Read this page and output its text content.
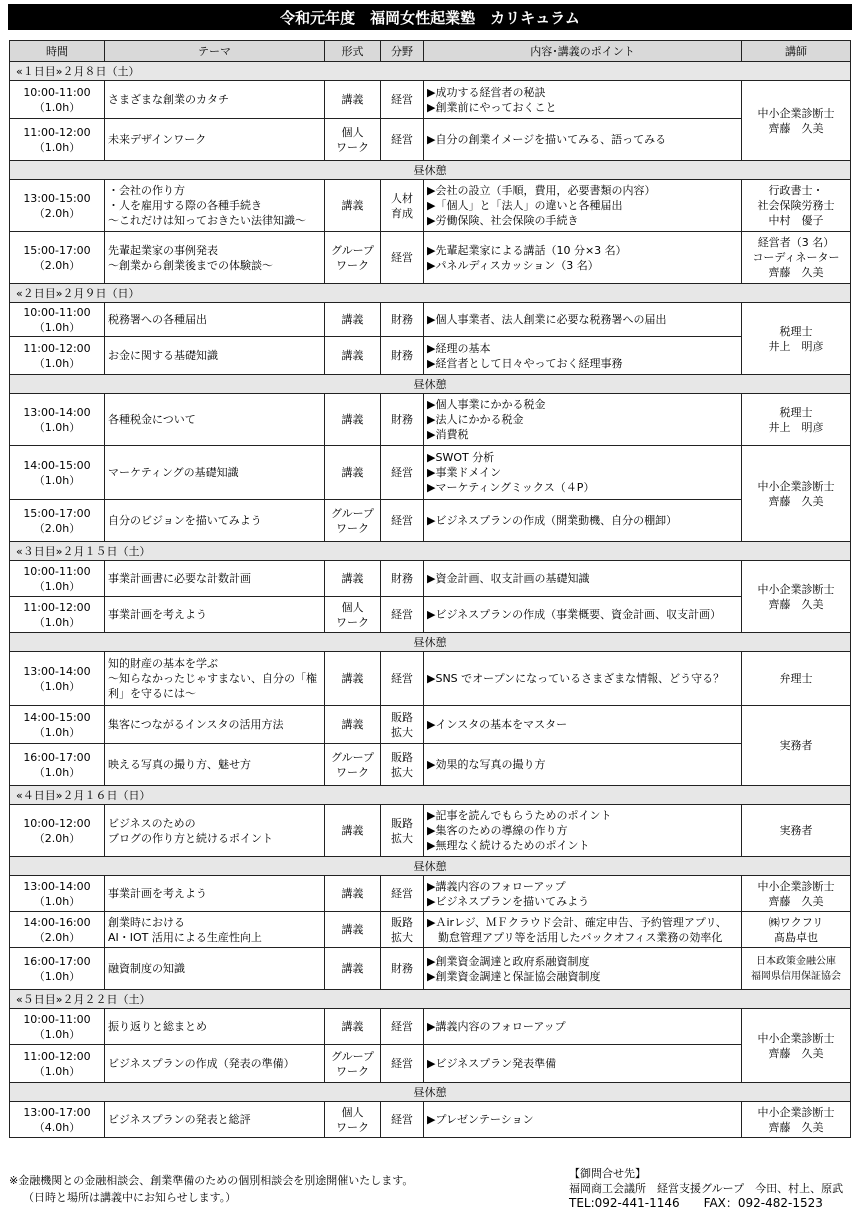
令和元年度　福岡女性起業塾　カリキュラム
時間	テーマ	形式	分野	内容･講義のポイント	講師
«１日目»２月８日（土）					

10:00-11:00
（1.0h）	さまざまな創業のカタチ	講義	経営	▶成功する経営者の秘訣
▶創業前にやっておくこと	中小企業診断士
齊藤　久美

11:00-12:00
（1.0h）	未来デザインワーク	個人
ワーク	経営	▶自分の創業イメージを描いてみる、語ってみる	

昼休憩					

13:00-15:00
（2.0h）	・会社の作り方
・人を雇用する際の各種手続き
～これだけは知っておきたい法律知識～	講義	人材
育成	▶会社の設立（手順，費用，必要書類の内容）
▶「個人」と「法人」の違いと各種届出
▶労働保険、社会保険の手続き	行政書士・
社会保険労務士
中村　優子

15:00-17:00
（2.0h）	先輩起業家の事例発表
～創業から創業後までの体験談～	グループ
ワーク	経営	▶先輩起業家による講話（10 分×3 名）
▶パネルディスカッション（3 名）	経営者（3 名）
コーディネーター
齊藤　久美

«２日目»２月９日（日）					

10:00-11:00
（1.0h）	税務署への各種届出	講義	財務	▶個人事業者、法人創業に必要な税務署への届出	税理士
井上　明彦

11:00-12:00
（1.0h）	お金に関する基礎知識	講義	財務	▶経理の基本
▶経営者として日々やっておく経理事務	

昼休憩					

13:00-14:00
（1.0h）	各種税金について	講義	財務	▶個人事業にかかる税金
▶法人にかかる税金
▶消費税	税理士
井上　明彦

14:00-15:00
（1.0h）	マーケティングの基礎知識	講義	経営	▶SWOT 分析
▶事業ドメイン
▶マーケティングミックス（４P）	中小企業診断士
齊藤　久美

15:00-17:00
（2.0h）	自分のビジョンを描いてみよう	グループ
ワーク	経営	▶ビジネスプランの作成（開業動機、自分の棚卸）	

«３日目»２月１５日（土）					

10:00-11:00
（1.0h）	事業計画書に必要な計数計画	講義	財務	▶資金計画、収支計画の基礎知識	中小企業診断士
齊藤　久美

11:00-12:00
（1.0h）	事業計画を考えよう	個人
ワーク	経営	▶ビジネスプランの作成（事業概要、資金計画、収支計画）	

昼休憩					

13:00-14:00
（1.0h）	知的財産の基本を学ぶ
～知らなかったじゃすまない、自分の「権
利」を守るには～	講義	経営	▶SNS でオープンになっているさまざまな情報、どう守る？	弁理士

14:00-15:00
（1.0h）	集客につながるインスタの活用方法	講義	販路
拡大	▶インスタの基本をマスター	実務者

16:00-17:00
（1.0h）	映える写真の撮り方、魅せ方	グループ
ワーク	販路
拡大	▶効果的な写真の撮り方	

«４日目»２月１６日（日）					

10:00-12:00
（2.0h）	ビジネスのための
ブログの作り方と続けるポイント	講義	販路
拡大	▶記事を読んでもらうためのポイント
▶集客のための導線の作り方
▶無理なく続けるためのポイント	実務者

昼休憩					

13:00-14:00
（1.0h）	事業計画を考えよう	講義	経営	▶講義内容のフォローアップ
▶ビジネスプランを描いてみよう	中小企業診断士
齊藤　久美

14:00-16:00
（2.0h）	創業時における
AI・IOT 活用による生産性向上	講義	販路
拡大	▶Ａirレジ、ＭＦクラウド会計、確定申告、予約管理アプリ、
　勤怠管理アプリ等を活用したバックオフィス業務の効率化	㈱ワクフリ
髙島卓也

16:00-17:00
（1.0h）	融資制度の知識	講義	財務	▶創業資金調達と政府系融資制度
▶創業資金調達と保証協会融資制度	日本政策金融公庫
福岡県信用保証協会

«５日目»２月２２日（土）					

10:00-11:00
（1.0h）	振り返りと総まとめ	講義	経営	▶講義内容のフォローアップ	中小企業診断士
齊藤　久美

11:00-12:00
（1.0h）	ビジネスプランの作成（発表の準備）	グループ
ワーク	経営	▶ビジネスプラン発表準備	

昼休憩					

13:00-17:00
（4.0h）	ビジネスプランの発表と総評	個人
ワーク	経営	▶プレゼンテーション	中小企業診断士
齊藤　久美
※金融機関との金融相談会、創業準備のための個別相談会を別途開催いたします。
（日時と場所は講義中にお知らせします。）
【御問合せ先】
福岡商工会議所　経営支援グループ　今田、村上、原武
TEL:092-441-1146　　FAX：092-482-1523
